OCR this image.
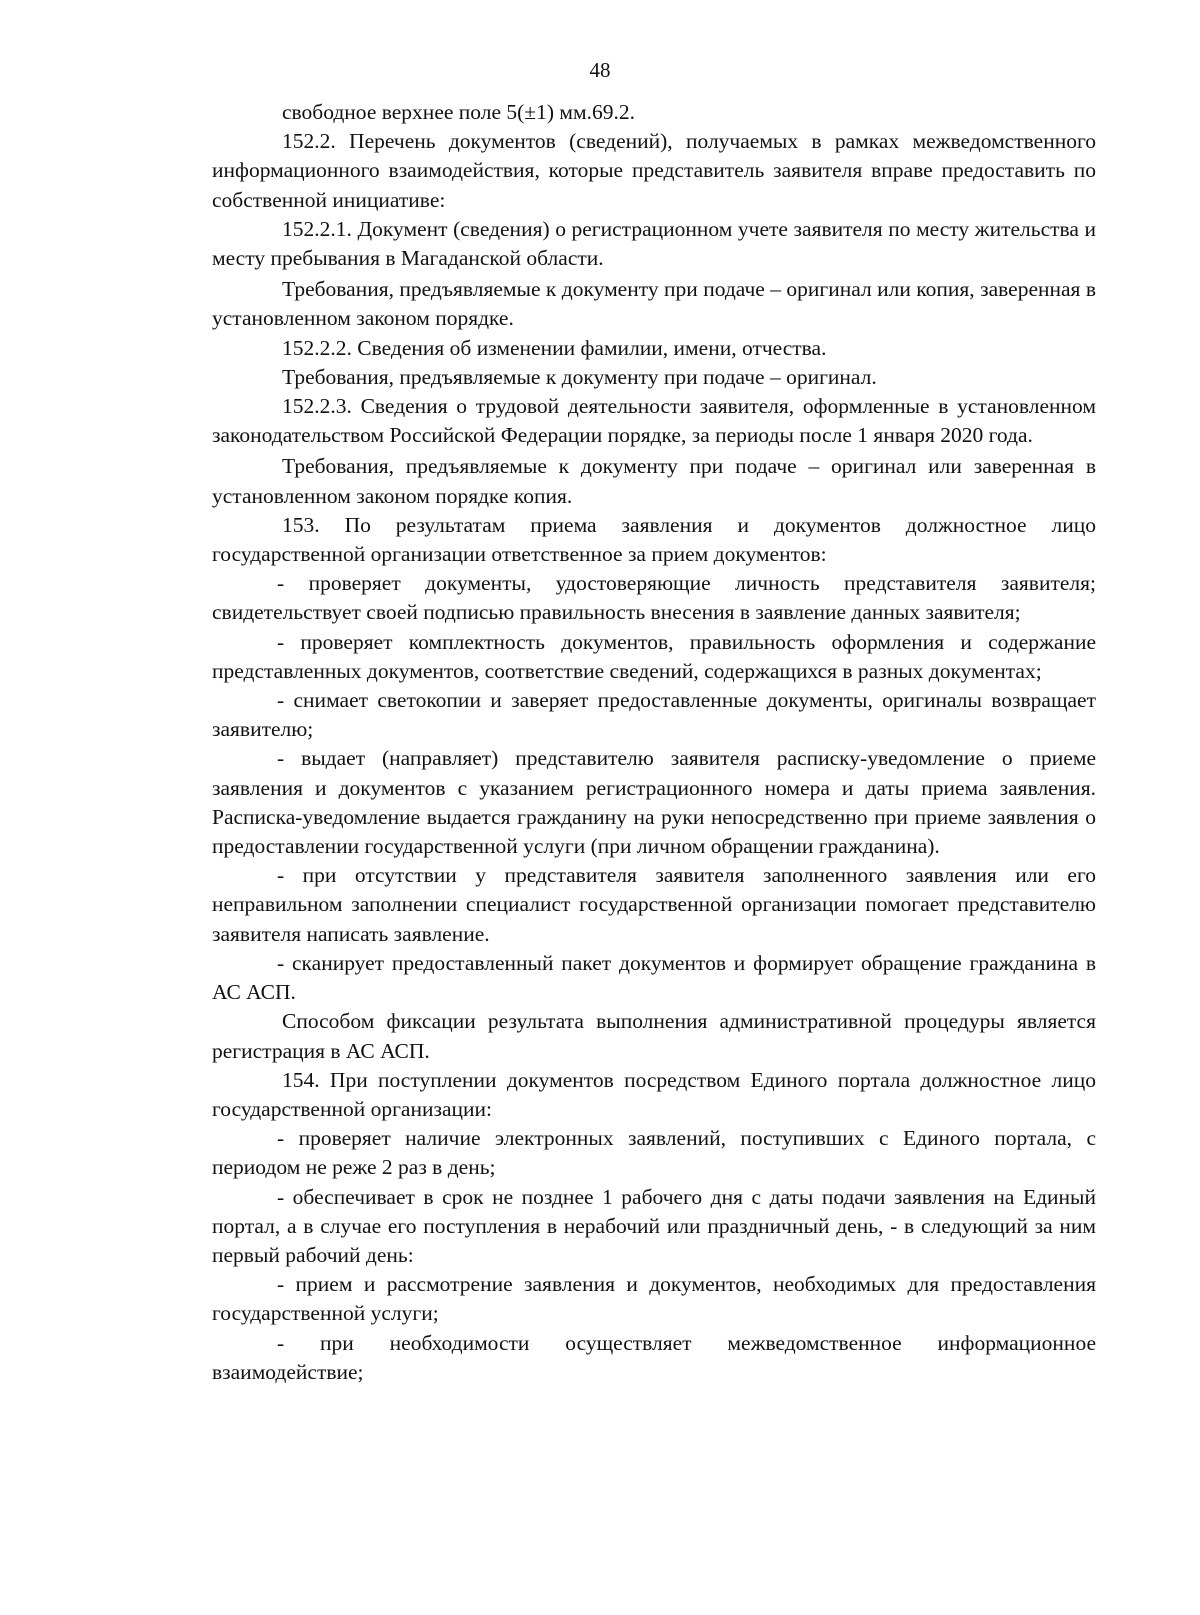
48

свободное верхнее поле 5(±1) мм.69.2.

152.2. Перечень документов (сведений), получаемых в рамках межведомственного информационного взаимодействия, которые представитель заявителя вправе предоставить по собственной инициативе:

152.2.1. Документ (сведения) о регистрационном учете заявителя по месту жительства и месту пребывания в Магаданской области.

Требования, предъявляемые к документу при подаче – оригинал или копия, заверенная в установленном законом порядке.

152.2.2. Сведения об изменении фамилии, имени, отчества.

Требования, предъявляемые к документу при подаче – оригинал.

152.2.3. Сведения о трудовой деятельности заявителя, оформленные в установленном законодательством Российской Федерации порядке, за периоды после 1 января 2020 года.

Требования, предъявляемые к документу при подаче – оригинал или заверенная в установленном законом порядке копия.

153. По результатам приема заявления и документов должностное лицо государственной организации ответственное за прием документов:

- проверяет документы, удостоверяющие личность представителя заявителя; свидетельствует своей подписью правильность внесения в заявление данных заявителя;

- проверяет комплектность документов, правильность оформления и содержание представленных документов, соответствие сведений, содержащихся в разных документах;

- снимает светокопии и заверяет предоставленные документы, оригиналы возвращает заявителю;

- выдает (направляет) представителю заявителя расписку-уведомление о приеме заявления и документов с указанием регистрационного номера и даты приема заявления. Расписка-уведомление выдается гражданину на руки непосредственно при приеме заявления о предоставлении государственной услуги (при личном обращении гражданина).

- при отсутствии у представителя заявителя заполненного заявления или его неправильном заполнении специалист государственной организации помогает представителю заявителя написать заявление.

- сканирует предоставленный пакет документов и формирует обращение гражданина в АС АСП.

Способом фиксации результата выполнения административной процедуры является регистрация в АС АСП.

154. При поступлении документов посредством Единого портала должностное лицо государственной организации:

- проверяет наличие электронных заявлений, поступивших с Единого портала, с периодом не реже 2 раз в день;

- обеспечивает в срок не позднее 1 рабочего дня с даты подачи заявления на Единый портал, а в случае его поступления в нерабочий или праздничный день, - в следующий за ним первый рабочий день:

- прием и рассмотрение заявления и документов, необходимых для предоставления государственной услуги;

- при необходимости осуществляет межведомственное информационное взаимодействие;
